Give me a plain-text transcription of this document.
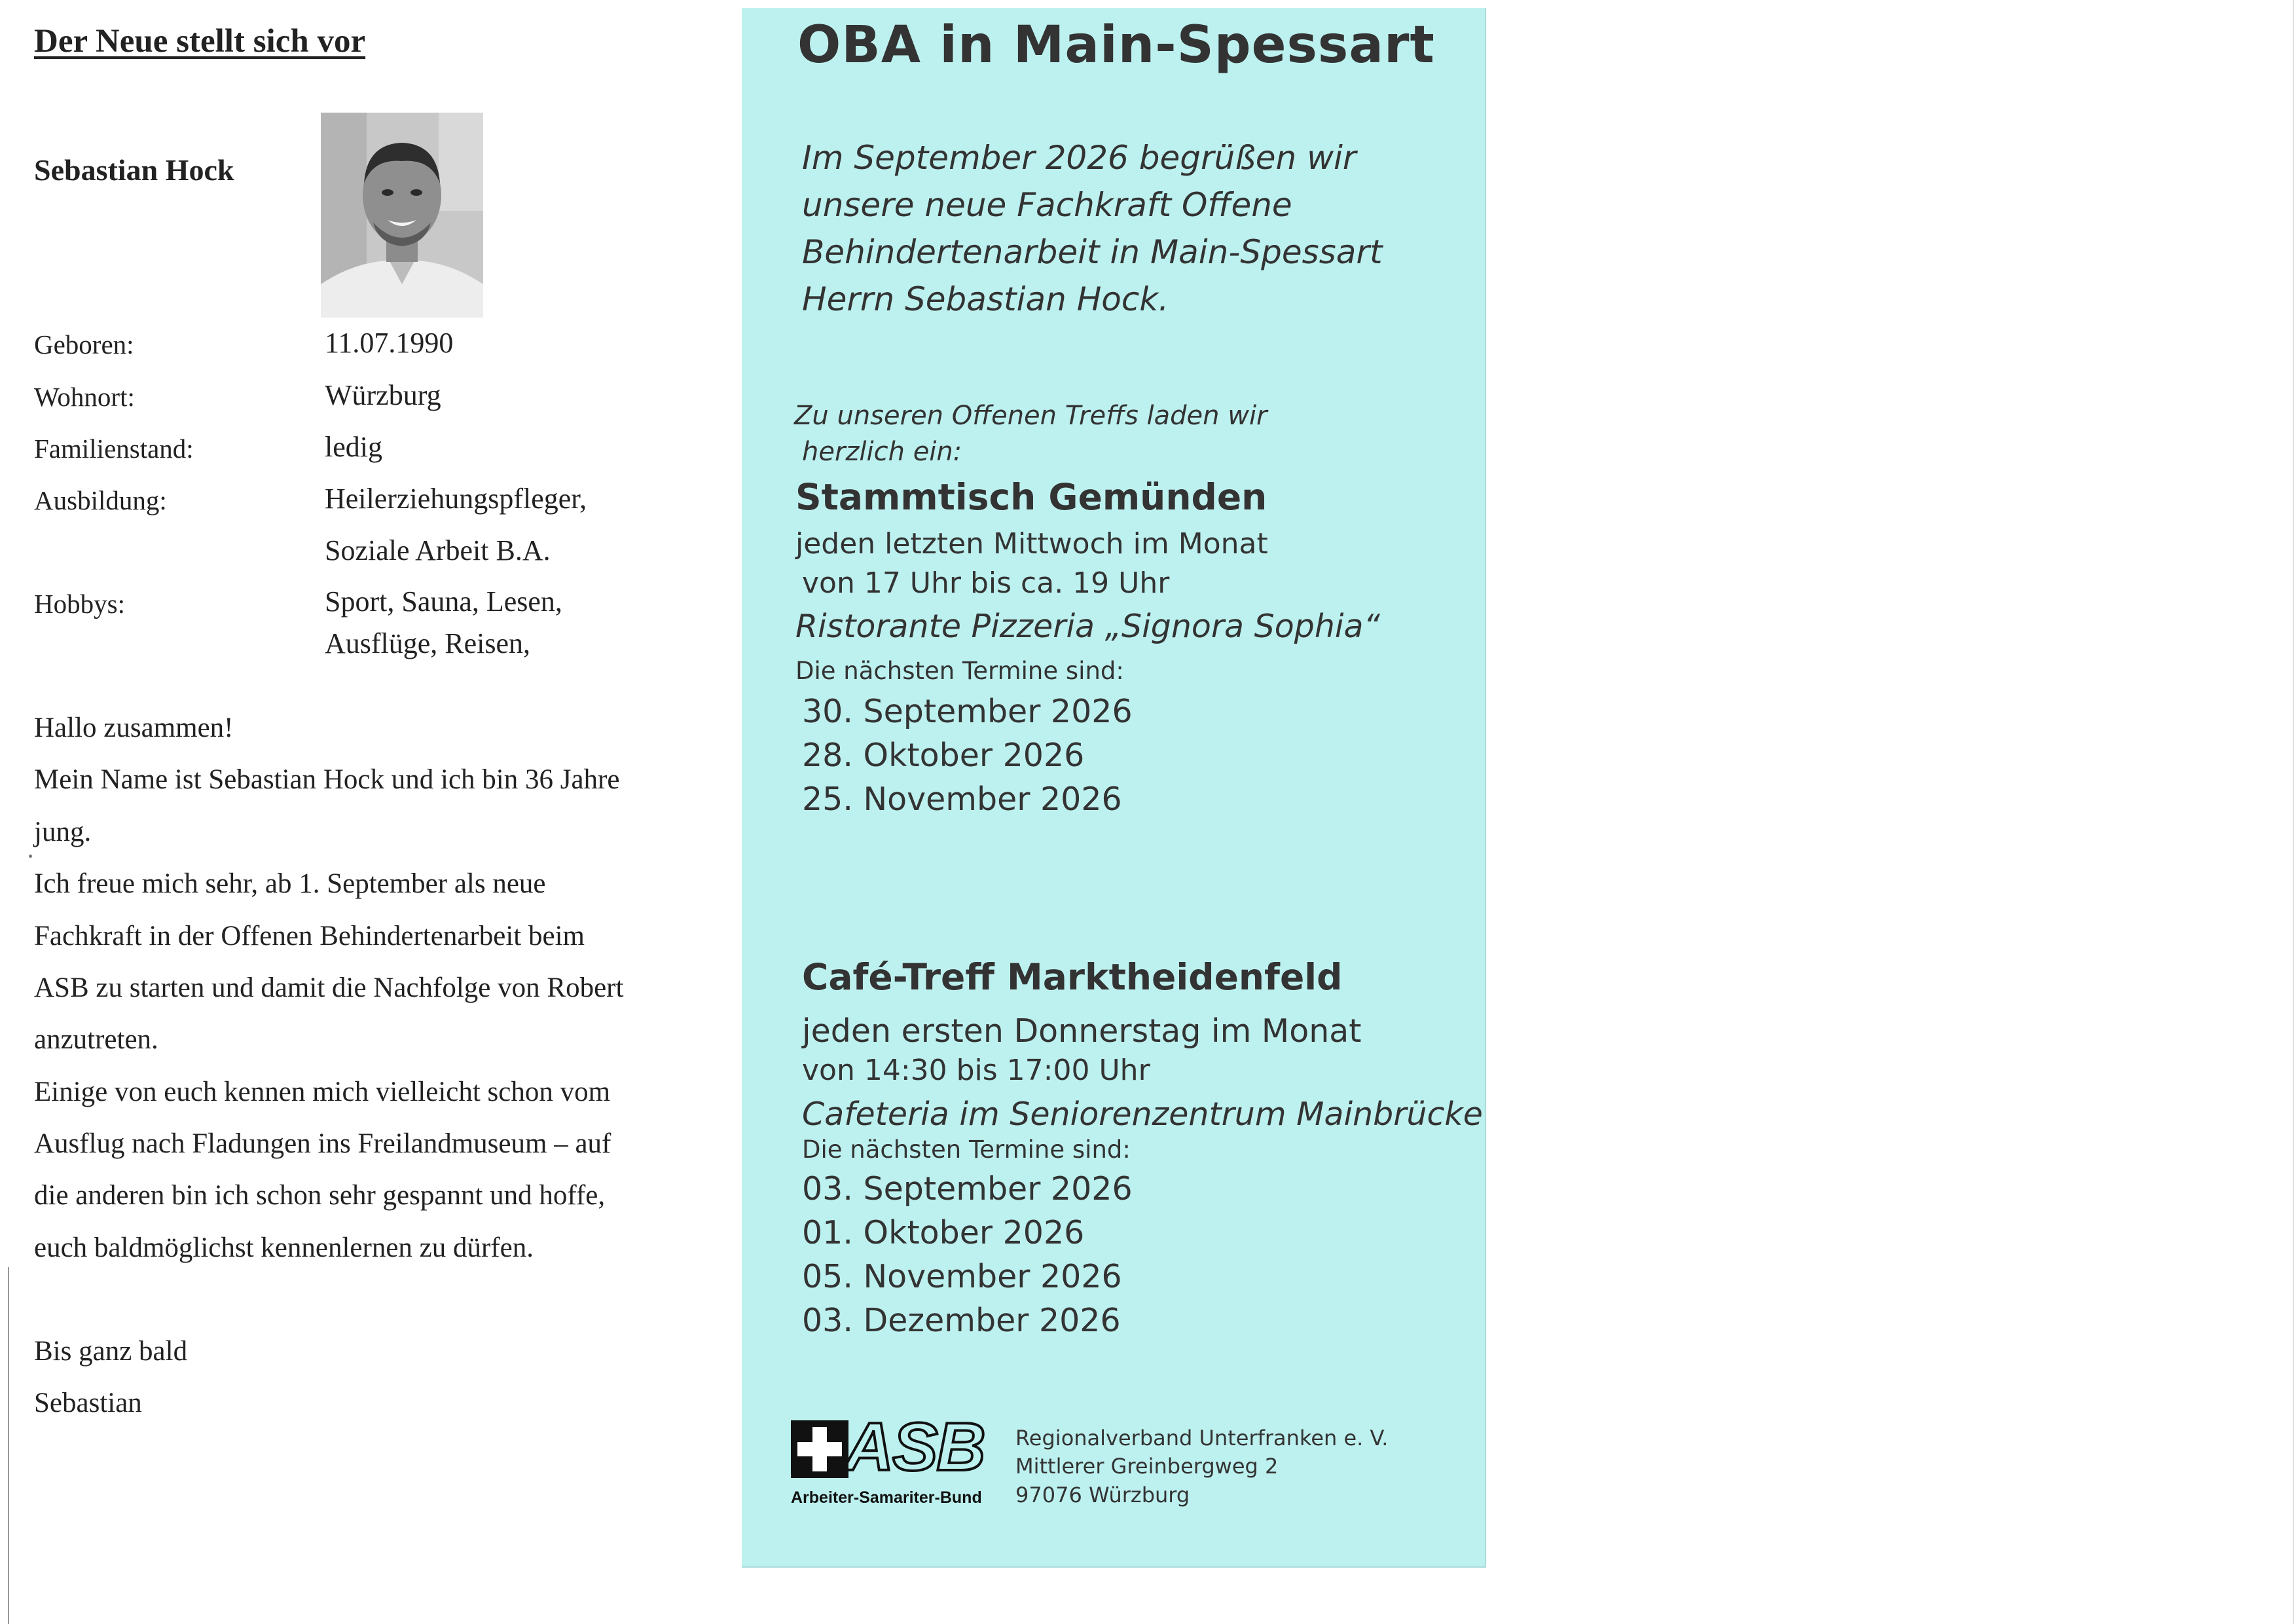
Der Neue stellt sich vor
Sebastian Hock
Geboren:	11.07.1990
Wohnort:	Würzburg
Familienstand:	ledig
Ausbildung:	Heilerziehungspfleger,
Soziale Arbeit B.A.
Hobbys:	Sport, Sauna, Lesen,
Ausflüge, Reisen,
Hallo zusammen!
Mein Name ist Sebastian Hock und ich bin 36 Jahre
jung.
Ich freue mich sehr, ab 1. September als neue
Fachkraft in der Offenen Behindertenarbeit beim
ASB zu starten und damit die Nachfolge von Robert
anzutreten.
Einige von euch kennen mich vielleicht schon vom
Ausflug nach Fladungen ins Freilandmuseum – auf
die anderen bin ich schon sehr gespannt und hoffe,
euch baldmöglichst kennenlernen zu dürfen.
Bis ganz bald
Sebastian
OBA in Main-Spessart
Im September 2026 begrüßen wir
unsere neue Fachkraft Offene
Behindertenarbeit in Main-Spessart
Herrn Sebastian Hock.
Zu unseren Offenen Treffs laden wir
herzlich ein:
Stammtisch Gemünden
jeden letzten Mittwoch im Monat
von 17 Uhr bis ca. 19 Uhr
Ristorante Pizzeria „Signora Sophia“
Die nächsten Termine sind:
30. September 2026
28. Oktober 2026
25. November 2026
Café-Treff Marktheidenfeld
jeden ersten Donnerstag im Monat
von 14:30 bis 17:00 Uhr
Cafeteria im Seniorenzentrum Mainbrücke
Die nächsten Termine sind:
03. September 2026
01. Oktober 2026
05. November 2026
03. Dezember 2026
ASB
Arbeiter-Samariter-Bund
Regionalverband Unterfranken e. V.
Mittlerer Greinbergweg 2
97076 Würzburg
